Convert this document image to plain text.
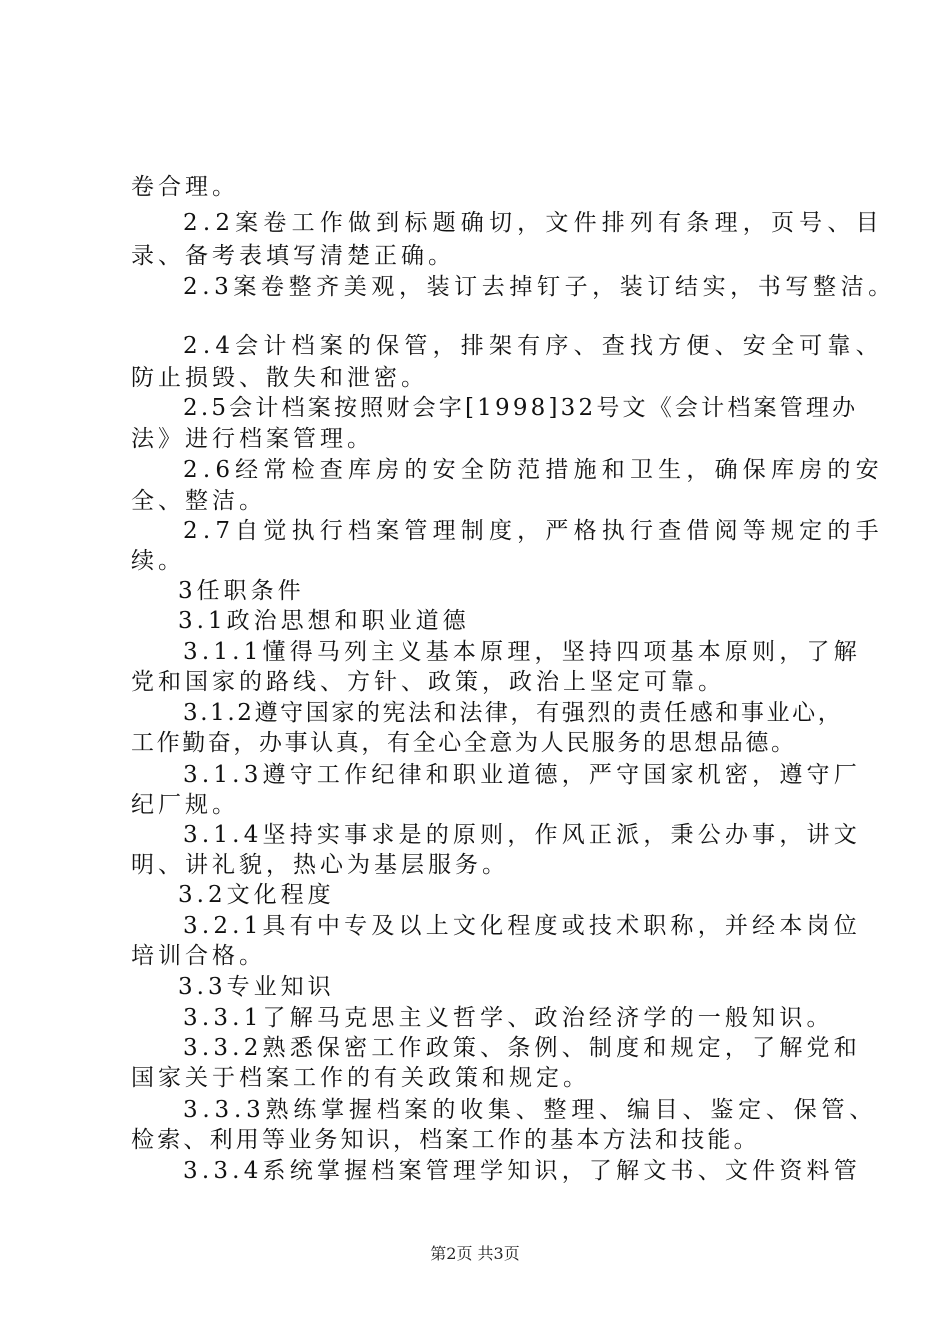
卷合理。
2.2案卷工作做到标题确切，文件排列有条理，页号、目
录、备考表填写清楚正确。
2.3案卷整齐美观，装订去掉钉子，装订结实，书写整洁。
2.4会计档案的保管，排架有序、查找方便、安全可靠、
防止损毁、散失和泄密。
2.5会计档案按照财会字[1998]32号文《会计档案管理办
法》进行档案管理。
2.6经常检查库房的安全防范措施和卫生，确保库房的安
全、整洁。
2.7自觉执行档案管理制度，严格执行查借阅等规定的手
续。
3任职条件
3.1政治思想和职业道德
3.1.1懂得马列主义基本原理，坚持四项基本原则，了解
党和国家的路线、方针、政策，政治上坚定可靠。
3.1.2遵守国家的宪法和法律，有强烈的责任感和事业心，
工作勤奋，办事认真，有全心全意为人民服务的思想品德。
3.1.3遵守工作纪律和职业道德，严守国家机密，遵守厂
纪厂规。
3.1.4坚持实事求是的原则，作风正派，秉公办事，讲文
明、讲礼貌，热心为基层服务。
3.2文化程度
3.2.1具有中专及以上文化程度或技术职称，并经本岗位
培训合格。
3.3专业知识
3.3.1了解马克思主义哲学、政治经济学的一般知识。
3.3.2熟悉保密工作政策、条例、制度和规定，了解党和
国家关于档案工作的有关政策和规定。
3.3.3熟练掌握档案的收集、整理、编目、鉴定、保管、
检索、利用等业务知识，档案工作的基本方法和技能。
3.3.4系统掌握档案管理学知识，了解文书、文件资料管
第2页 共3页
